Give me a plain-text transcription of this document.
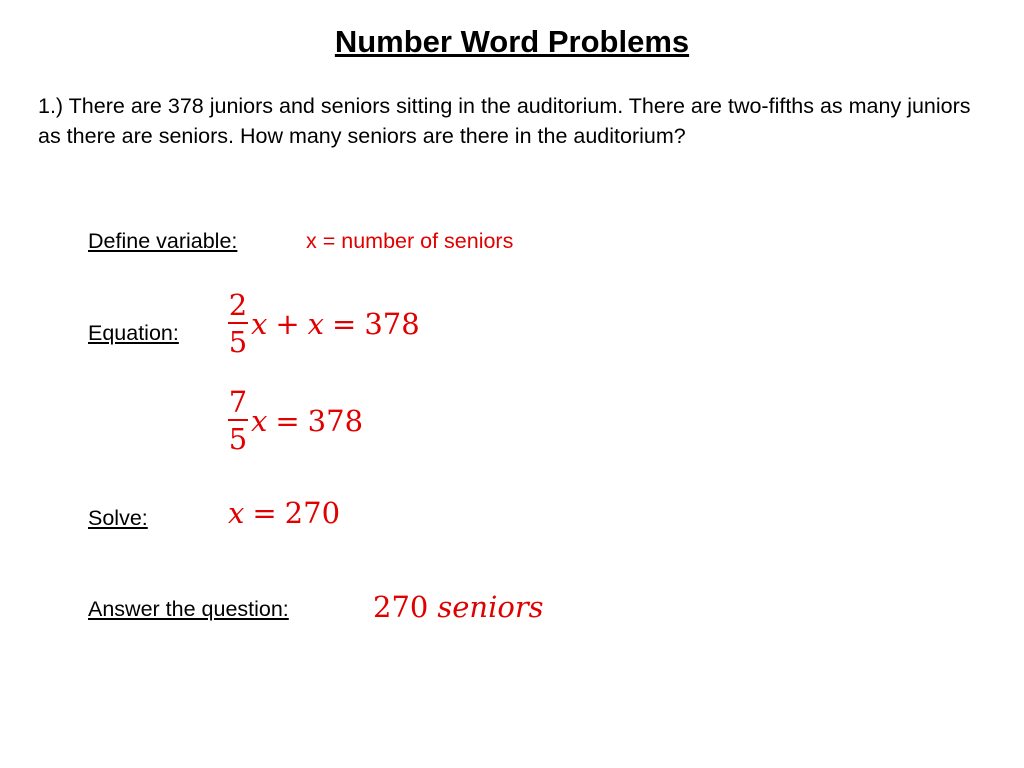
Number Word Problems
1.) There are 378 juniors and seniors sitting in the auditorium. There are two-fifths as many juniors as there are seniors. How many seniors are there in the auditorium?
Define variable:	x = number of seniors
Equation: $\frac{2}{5}$ x + x = 378
$\frac{7}{5}$ x = 378
Solve:	x = 270
Answer the question:	270 seniors
